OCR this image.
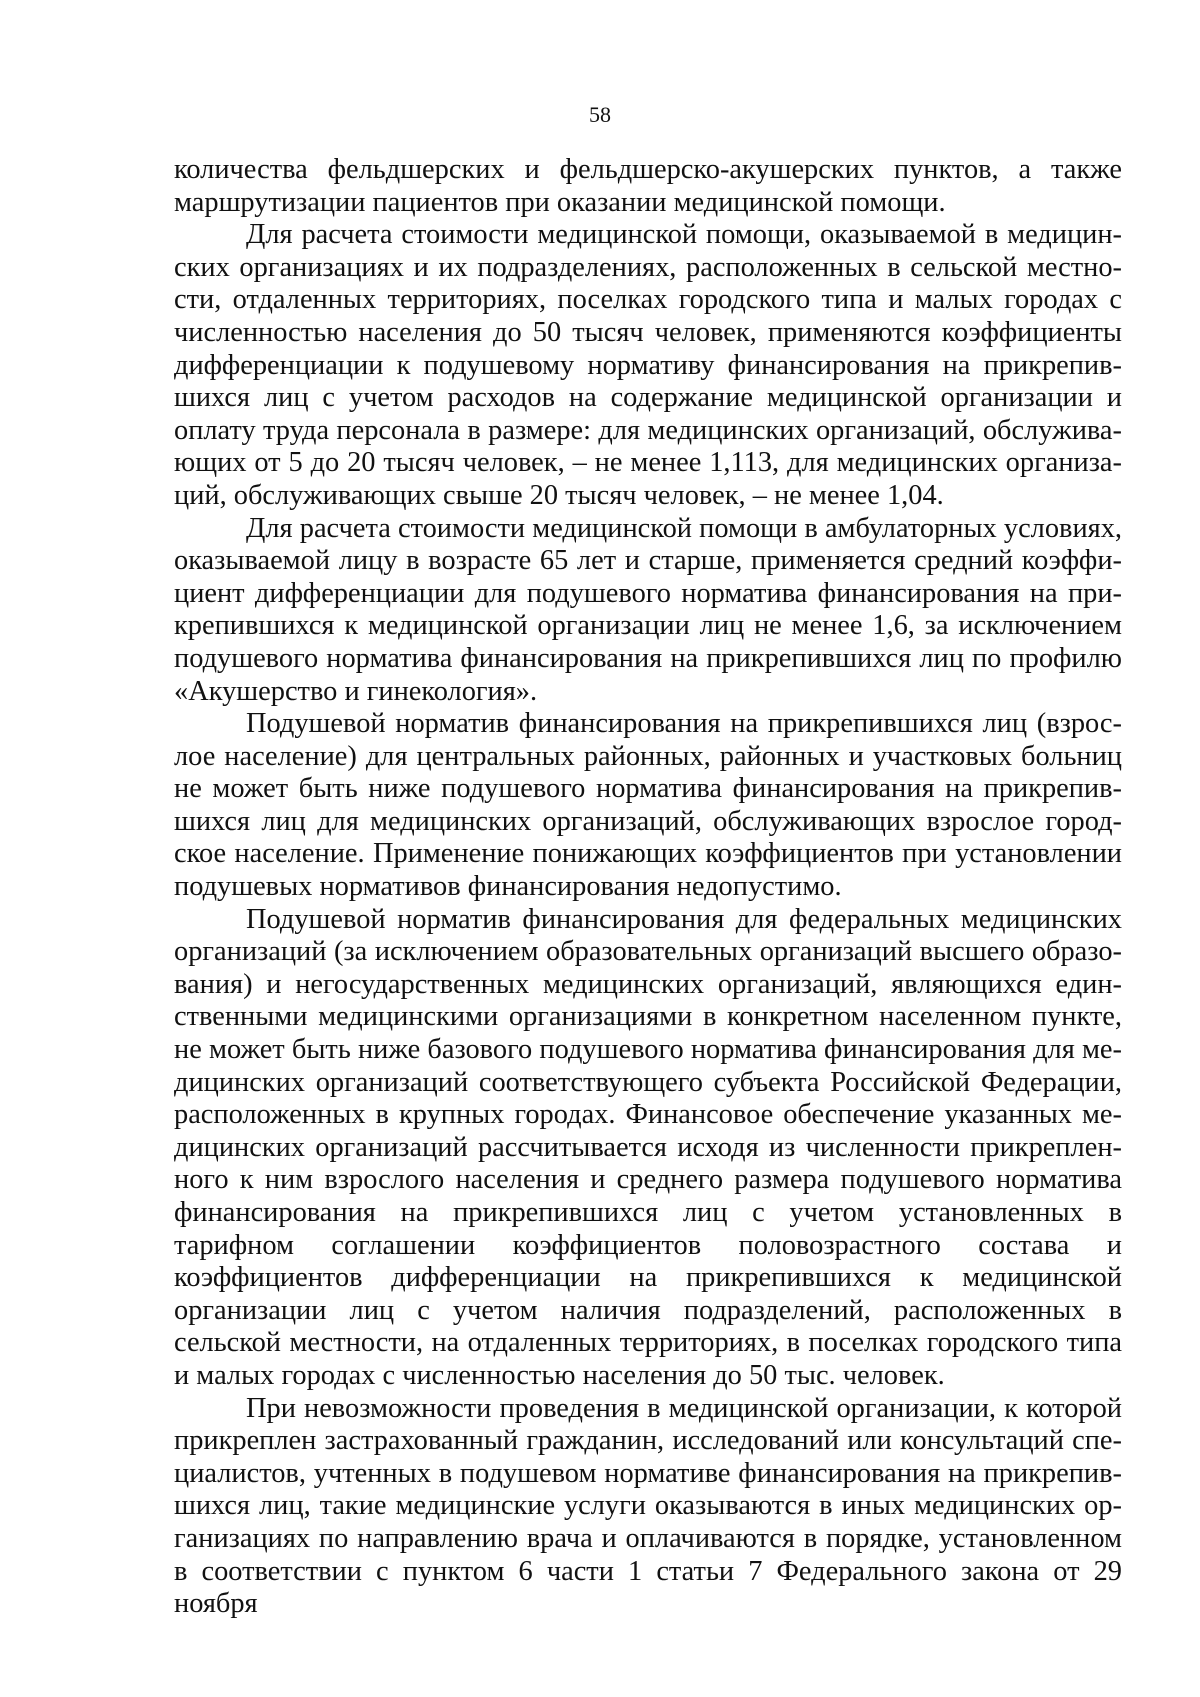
58

количества фельдшерских и фельдшерско-акушерских пунктов, а также маршрутизации пациентов при оказании медицинской помощи.

Для расчета стоимости медицинской помощи, оказываемой в медицинских организациях и их подразделениях, расположенных в сельской местности, отдаленных территориях, поселках городского типа и малых городах с численностью населения до 50 тысяч человек, применяются коэффициенты дифференциации к подушевому нормативу финансирования на прикрепившихся лиц с учетом расходов на содержание медицинской организации и оплату труда персонала в размере: для медицинских организаций, обслуживающих от 5 до 20 тысяч человек, – не менее 1,113, для медицинских организаций, обслуживающих свыше 20 тысяч человек, – не менее 1,04.

Для расчета стоимости медицинской помощи в амбулаторных условиях, оказываемой лицу в возрасте 65 лет и старше, применяется средний коэффициент дифференциации для подушевого норматива финансирования на прикрепившихся к медицинской организации лиц не менее 1,6, за исключением подушевого норматива финансирования на прикрепившихся лиц по профилю «Акушерство и гинекология».

Подушевой норматив финансирования на прикрепившихся лиц (взрослое население) для центральных районных, районных и участковых больниц не может быть ниже подушевого норматива финансирования на прикрепившихся лиц для медицинских организаций, обслуживающих взрослое городское население. Применение понижающих коэффициентов при установлении подушевых нормативов финансирования недопустимо.

Подушевой норматив финансирования для федеральных медицинских организаций (за исключением образовательных организаций высшего образования) и негосударственных медицинских организаций, являющихся единственными медицинскими организациями в конкретном населенном пункте, не может быть ниже базового подушевого норматива финансирования для медицинских организаций соответствующего субъекта Российской Федерации, расположенных в крупных городах. Финансовое обеспечение указанных медицинских организаций рассчитывается исходя из численности прикрепленного к ним взрослого населения и среднего размера подушевого норматива финансирования на прикрепившихся лиц с учетом установленных в тарифном соглашении коэффициентов половозрастного состава и коэффициентов дифференциации на прикрепившихся к медицинской организации лиц с учетом наличия подразделений, расположенных в сельской местности, на отдаленных территориях, в поселках городского типа и малых городах с численностью населения до 50 тыс. человек.

При невозможности проведения в медицинской организации, к которой прикреплен застрахованный гражданин, исследований или консультаций специалистов, учтенных в подушевом нормативе финансирования на прикрепившихся лиц, такие медицинские услуги оказываются в иных медицинских организациях по направлению врача и оплачиваются в порядке, установленном в соответствии с пунктом 6 части 1 статьи 7 Федерального закона от 29 ноября
